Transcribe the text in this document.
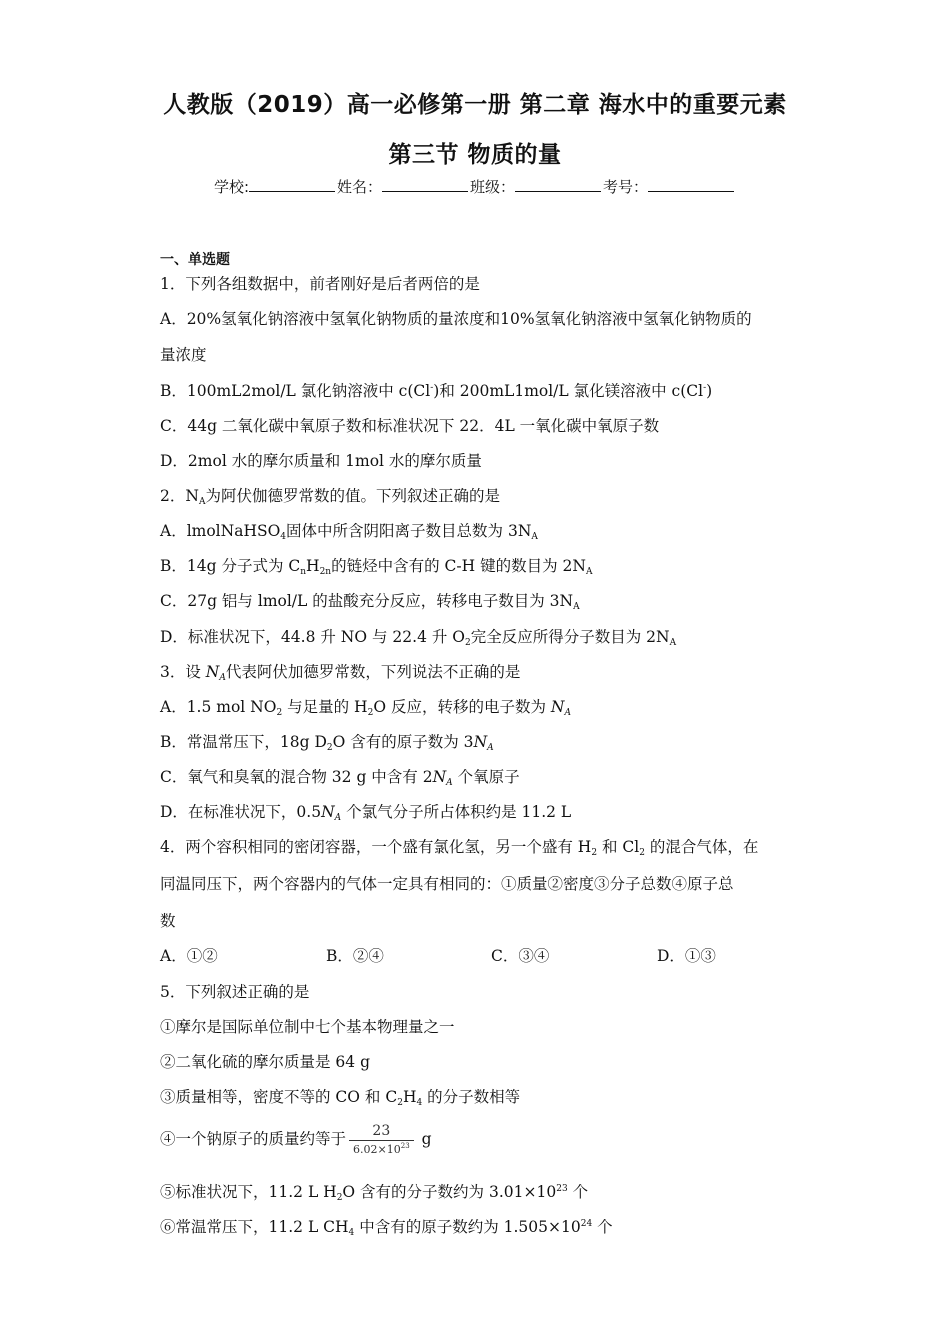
人教版（2019）高一必修第一册 第二章 海水中的重要元素
第三节 物质的量
学校:	姓名：	班级：	考号：
一、单选题
1．下列各组数据中，前者刚好是后者两倍的是
A．20%氢氧化钠溶液中氢氧化钠物质的量浓度和10%氢氧化钠溶液中氢氧化钠物质的
量浓度
B．100mL2mol/L 氯化钠溶液中 c(Cl-)和 200mL1mol/L 氯化镁溶液中 c(Cl-)
C．44g 二氧化碳中氧原子数和标准状况下 22．4L 一氧化碳中氧原子数
D．2mol 水的摩尔质量和 1mol 水的摩尔质量
2．$N_A$为阿伏伽德罗常数的值。下列叙述正确的是
A．lmolNaHSO$_4$固体中所含阴阳离子数目总数为 $3N_A$
B．14g 分子式为 $C_nH_{2n}$的链烃中含有的 C-H 键的数目为 $2N_A$
C．27g 铝与 lmol/L 的盐酸充分反应，转移电子数目为 $3N_A$
D．标准状况下，44.8 升 NO 与 22.4 升 $O_2$完全反应所得分子数目为 $2N_A$
3．设 $N_A$代表阿伏加德罗常数，下列说法不正确的是
A．1.5 mol $NO_2$ 与足量的 $H_2O$ 反应，转移的电子数为 $N_A$
B．常温常压下，18g $D_2O$ 含有的原子数为 $3N_A$
C．氧气和臭氧的混合物 32 g 中含有 $2N_A$ 个氧原子
D．在标准状况下，$0.5N_A$ 个氯气分子所占体积约是 11.2 L
4．两个容积相同的密闭容器，一个盛有氯化氢，另一个盛有 $H_2$ 和 $Cl_2$ 的混合气体，在
同温同压下，两个容器内的气体一定具有相同的：①质量②密度③分子总数④原子总
数
A．①②	B．②④	C．③④	D．①③
5．下列叙述正确的是
①摩尔是国际单位制中七个基本物理量之一
②二氧化硫的摩尔质量是 64 g
③质量相等，密度不等的 CO 和 $C_2H_4$ 的分子数相等
④一个钠原子的质量约等于 $\frac{23}{6.02\times 10^{23}}$ g
⑤标准状况下，11.2 L $H_2O$ 含有的分子数约为 $3.01\times 10^{23}$ 个
⑥常温常压下，11.2 L $CH_4$ 中含有的原子数约为 $1.505\times 10^{24}$ 个
